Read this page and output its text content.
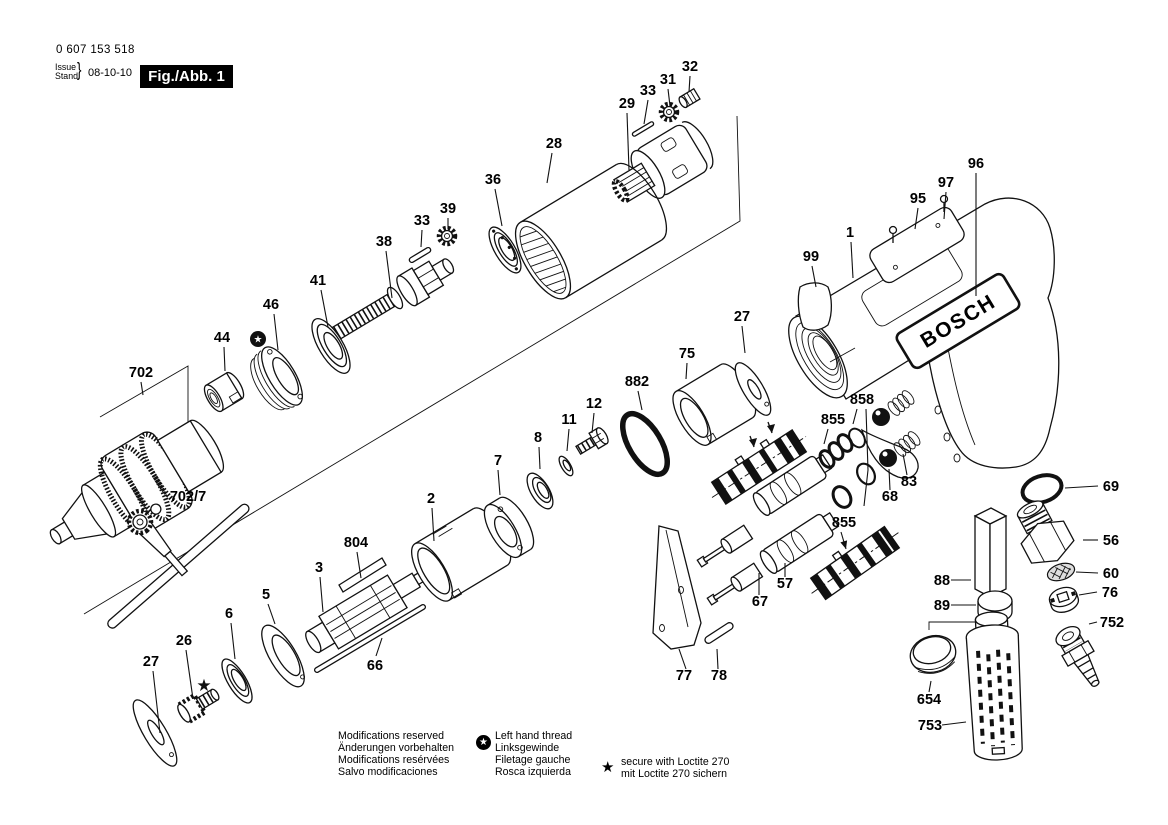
BOSCH
★
★
29
33
31
32
28
36
39
33
38
41
46
44
702
702/7
27
26
6
5
3
804
66
2
7
8
11
12
882
75
27
855
858
68
83
855
57
67
77 78
88
89
654
753
69
56
60
76
752
95
97
96
1
99
0 607 153 518
Issue
Stand
} 08-10-10	Fig./Abb. 1
Modifications reserved
Änderungen vorbehalten
Modifications resérvées
Salvo modificaciones
★
Left hand thread
Linksgewinde
Filetage gauche
Rosca izquierda ★ secure with Loctite 270
mit Loctite 270 sichern
